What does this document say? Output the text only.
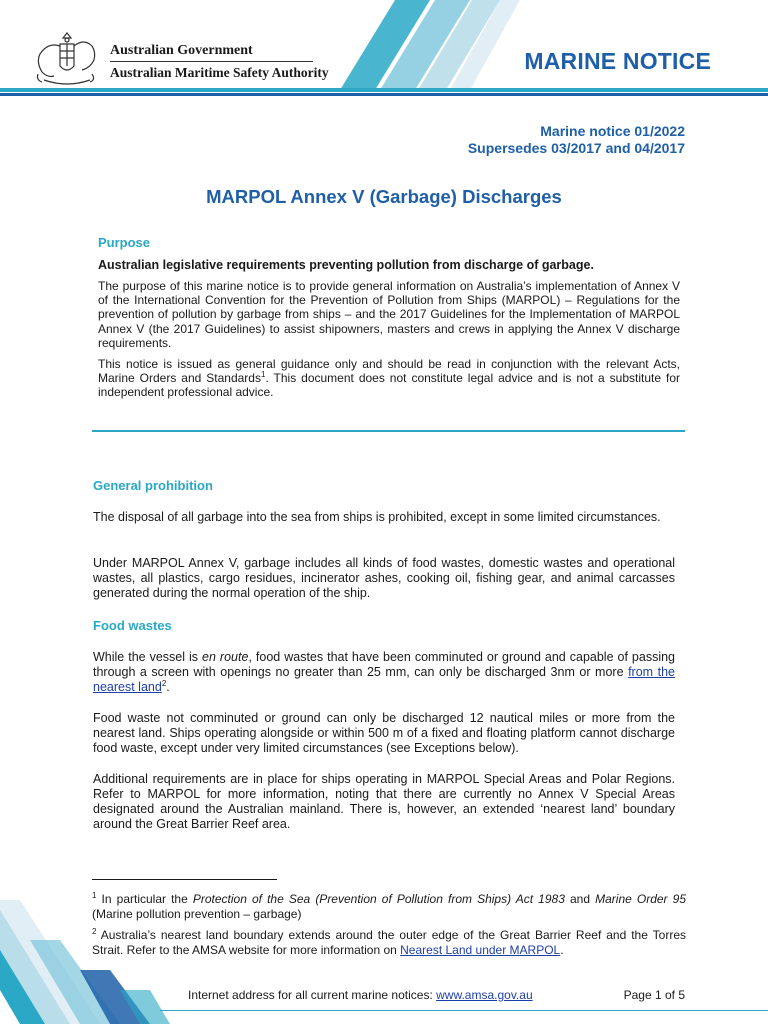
Australian Government
Australian Maritime Safety Authority	MARINE NOTICE
Marine notice 01/2022
Supersedes 03/2017 and 04/2017
MARPOL Annex V (Garbage) Discharges
Purpose
Australian legislative requirements preventing pollution from discharge of garbage.
The purpose of this marine notice is to provide general information on Australia’s implementation of Annex V of the International Convention for the Prevention of Pollution from Ships (MARPOL) – Regulations for the prevention of pollution by garbage from ships – and the 2017 Guidelines for the Implementation of MARPOL Annex V (the 2017 Guidelines) to assist shipowners, masters and crews in applying the Annex V discharge requirements.
This notice is issued as general guidance only and should be read in conjunction with the relevant Acts, Marine Orders and Standards$^1$. This document does not constitute legal advice and is not a substitute for independent professional advice.
General prohibition
The disposal of all garbage into the sea from ships is prohibited, except in some limited circumstances.
Under MARPOL Annex V, garbage includes all kinds of food wastes, domestic wastes and operational wastes, all plastics, cargo residues, incinerator ashes, cooking oil, fishing gear, and animal carcasses generated during the normal operation of the ship.
Food wastes
While the vessel is en route, food wastes that have been comminuted or ground and capable of passing through a screen with openings no greater than 25 mm, can only be discharged 3nm or more from the nearest land$^2$.
Food waste not comminuted or ground can only be discharged 12 nautical miles or more from the nearest land. Ships operating alongside or within 500 m of a fixed and floating platform cannot discharge food waste, except under very limited circumstances (see Exceptions below).
Additional requirements are in place for ships operating in MARPOL Special Areas and Polar Regions. Refer to MARPOL for more information, noting that there are currently no Annex V Special Areas designated around the Australian mainland. There is, however, an extended ‘nearest land’ boundary around the Great Barrier Reef area.
$^1$ In particular the Protection of the Sea (Prevention of Pollution from Ships) Act 1983 and Marine Order 95 (Marine pollution prevention – garbage)
$^2$ Australia’s nearest land boundary extends around the outer edge of the Great Barrier Reef and the Torres Strait. Refer to the AMSA website for more information on Nearest Land under MARPOL.
Internet address for all current marine notices: www.amsa.gov.au	Page 1 of 5
